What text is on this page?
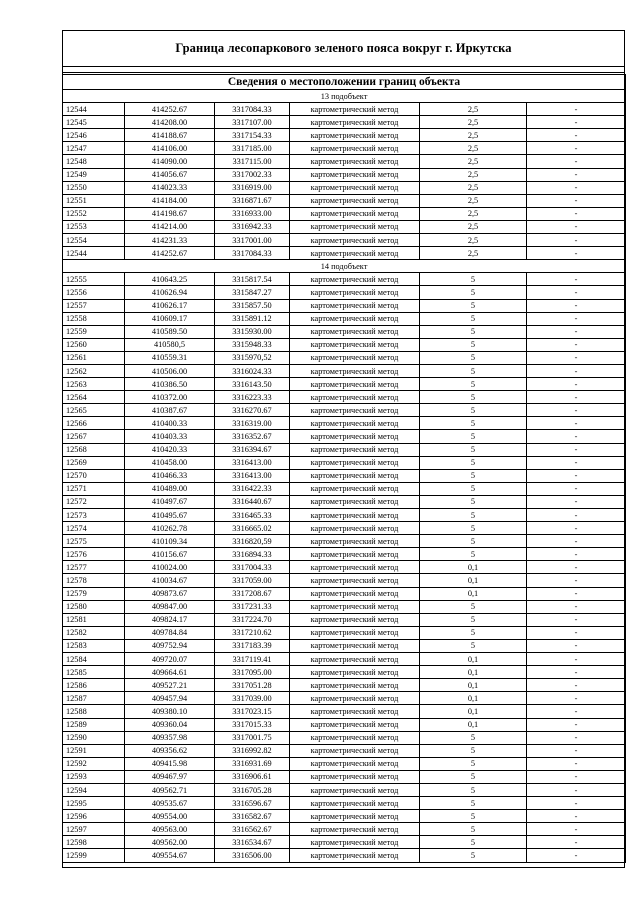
Граница лесопаркового зеленого пояса вокруг г. Иркутска
Сведения о местоположении границ объекта					
13 подобъект					
12544	414252.67	3317084.33	картометрический метод	2,5	-
12545	414208.00	3317107.00	картометрический метод	2,5	-
12546	414188.67	3317154.33	картометрический метод	2,5	-
12547	414106.00	3317185.00	картометрический метод	2,5	-
12548	414090.00	3317115.00	картометрический метод	2,5	-
12549	414056.67	3317002.33	картометрический метод	2,5	-
12550	414023.33	3316919.00	картометрический метод	2,5	-
12551	414184.00	3316871.67	картометрический метод	2,5	-
12552	414198.67	3316933.00	картометрический метод	2,5	-
12553	414214.00	3316942.33	картометрический метод	2,5	-
12554	414231.33	3317001.00	картометрический метод	2,5	-
12544	414252.67	3317084.33	картометрический метод	2,5	-
14 подобъект					
12555	410643.25	3315817.54	картометрический метод	5	-
12556	410626.94	3315847.27	картометрический метод	5	-
12557	410626.17	3315857.50	картометрический метод	5	-
12558	410609.17	3315891.12	картометрический метод	5	-
12559	410589.50	3315930.00	картометрический метод	5	-
12560	410580,5	3315948.33	картометрический метод	5	-
12561	410559.31	3315970,52	картометрический метод	5	-
12562	410506.00	3316024.33	картометрический метод	5	-
12563	410386.50	3316143.50	картометрический метод	5	-
12564	410372.00	3316223.33	картометрический метод	5	-
12565	410387.67	3316270.67	картометрический метод	5	-
12566	410400.33	3316319.00	картометрический метод	5	-
12567	410403.33	3316352.67	картометрический метод	5	-
12568	410420.33	3316394.67	картометрический метод	5	-
12569	410458.00	3316413.00	картометрический метод	5	-
12570	410466.33	3316413.00	картометрический метод	5	-
12571	410489.00	3316422.33	картометрический метод	5	-
12572	410497.67	3316440.67	картометрический метод	5	-
12573	410495.67	3316465.33	картометрический метод	5	-
12574	410262.78	3316665.02	картометрический метод	5	-
12575	410109.34	3316820,59	картометрический метод	5	-
12576	410156.67	3316894.33	картометрический метод	5	-
12577	410024.00	3317004.33	картометрический метод	0,1	-
12578	410034.67	3317059.00	картометрический метод	0,1	-
12579	409873.67	3317208.67	картометрический метод	0,1	-
12580	409847.00	3317231.33	картометрический метод	5	-
12581	409824.17	3317224.70	картометрический метод	5	-
12582	409784.84	3317210.62	картометрический метод	5	-
12583	409752.94	3317183.39	картометрический метод	5	-
12584	409720.07	3317119.41	картометрический метод	0,1	-
12585	409664.61	3317095.00	картометрический метод	0,1	-
12586	409527.21	3317051.28	картометрический метод	0,1	-
12587	409457.94	3317039.00	картометрический метод	0,1	-
12588	409380.10	3317023.15	картометрический метод	0,1	-
12589	409360.04	3317015.33	картометрический метод	0,1	-
12590	409357.98	3317001.75	картометрический метод	5	-
12591	409356.62	3316992.82	картометрический метод	5	-
12592	409415.98	3316931.69	картометрический метод	5	-
12593	409467.97	3316906.61	картометрический метод	5	-
12594	409562.71	3316705.28	картометрический метод	5	-
12595	409535.67	3316596.67	картометрический метод	5	-
12596	409554.00	3316582.67	картометрический метод	5	-
12597	409563.00	3316562.67	картометрический метод	5	-
12598	409562.00	3316534.67	картометрический метод	5	-
12599	409554.67	3316506.00	картометрический метод	5	-
